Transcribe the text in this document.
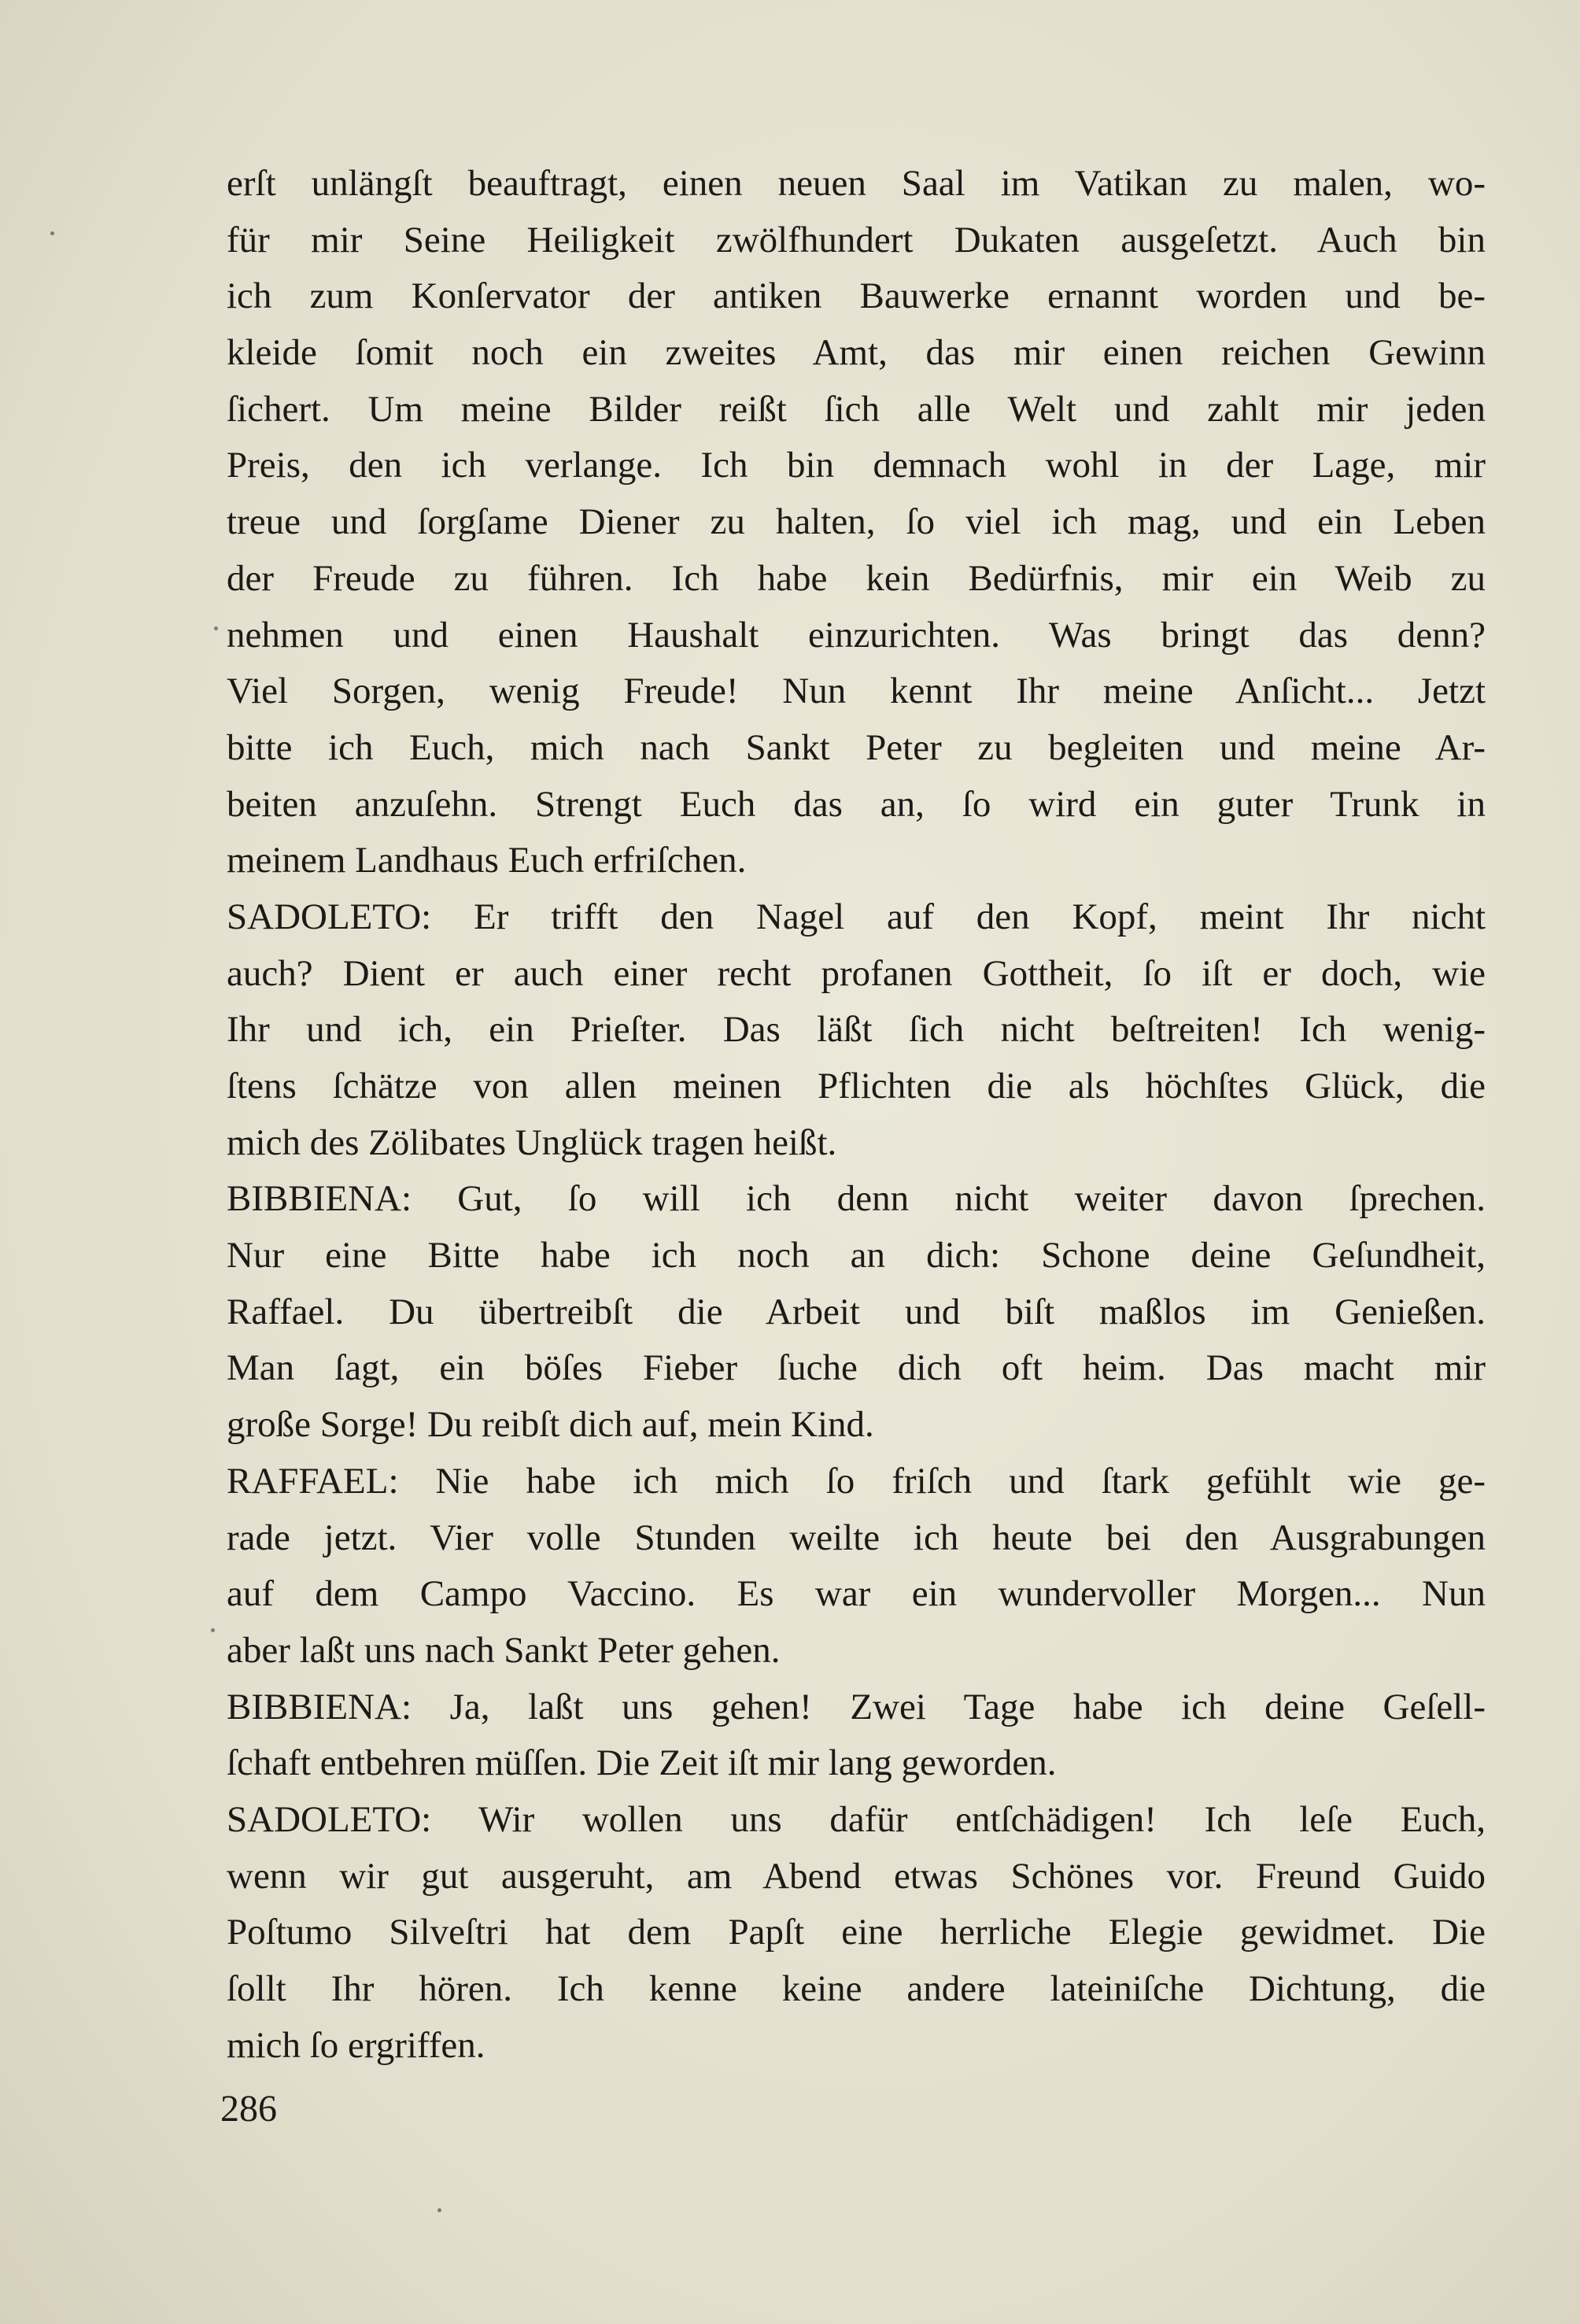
erſt unlängſt beauftragt, einen neuen Saal im Vatikan zu malen, wo-
für mir Seine Heiligkeit zwölfhundert Dukaten ausgeſetzt. Auch bin
ich zum Konſervator der antiken Bauwerke ernannt worden und be-
kleide ſomit noch ein zweites Amt, das mir einen reichen Gewinn
ſichert. Um meine Bilder reißt ſich alle Welt und zahlt mir jeden
Preis, den ich verlange. Ich bin demnach wohl in der Lage, mir
treue und ſorgſame Diener zu halten, ſo viel ich mag, und ein Leben
der Freude zu führen. Ich habe kein Bedürfnis, mir ein Weib zu
nehmen und einen Haushalt einzurichten. Was bringt das denn?
Viel Sorgen, wenig Freude! Nun kennt Ihr meine Anſicht... Jetzt
bitte ich Euch, mich nach Sankt Peter zu begleiten und meine Ar-
beiten anzuſehn. Strengt Euch das an, ſo wird ein guter Trunk in
meinem Landhaus Euch erfriſchen.
SADOLETO: Er trifft den Nagel auf den Kopf, meint Ihr nicht
auch? Dient er auch einer recht profanen Gottheit, ſo iſt er doch, wie
Ihr und ich, ein Prieſter. Das läßt ſich nicht beſtreiten! Ich wenig-
ſtens ſchätze von allen meinen Pflichten die als höchſtes Glück, die
mich des Zölibates Unglück tragen heißt.
BIBBIENA: Gut, ſo will ich denn nicht weiter davon ſprechen.
Nur eine Bitte habe ich noch an dich: Schone deine Geſundheit,
Raffael. Du übertreibſt die Arbeit und biſt maßlos im Genießen.
Man ſagt, ein böſes Fieber ſuche dich oft heim. Das macht mir
große Sorge! Du reibſt dich auf, mein Kind.
RAFFAEL: Nie habe ich mich ſo friſch und ſtark gefühlt wie ge-
rade jetzt. Vier volle Stunden weilte ich heute bei den Ausgrabungen
auf dem Campo Vaccino. Es war ein wundervoller Morgen... Nun
aber laßt uns nach Sankt Peter gehen.
BIBBIENA: Ja, laßt uns gehen! Zwei Tage habe ich deine Geſell-
ſchaft entbehren müſſen. Die Zeit iſt mir lang geworden.
SADOLETO: Wir wollen uns dafür entſchädigen! Ich leſe Euch,
wenn wir gut ausgeruht, am Abend etwas Schönes vor. Freund Guido
Poſtumo Silveſtri hat dem Papſt eine herrliche Elegie gewidmet. Die
ſollt Ihr hören. Ich kenne keine andere lateiniſche Dichtung, die
mich ſo ergriffen.
286
